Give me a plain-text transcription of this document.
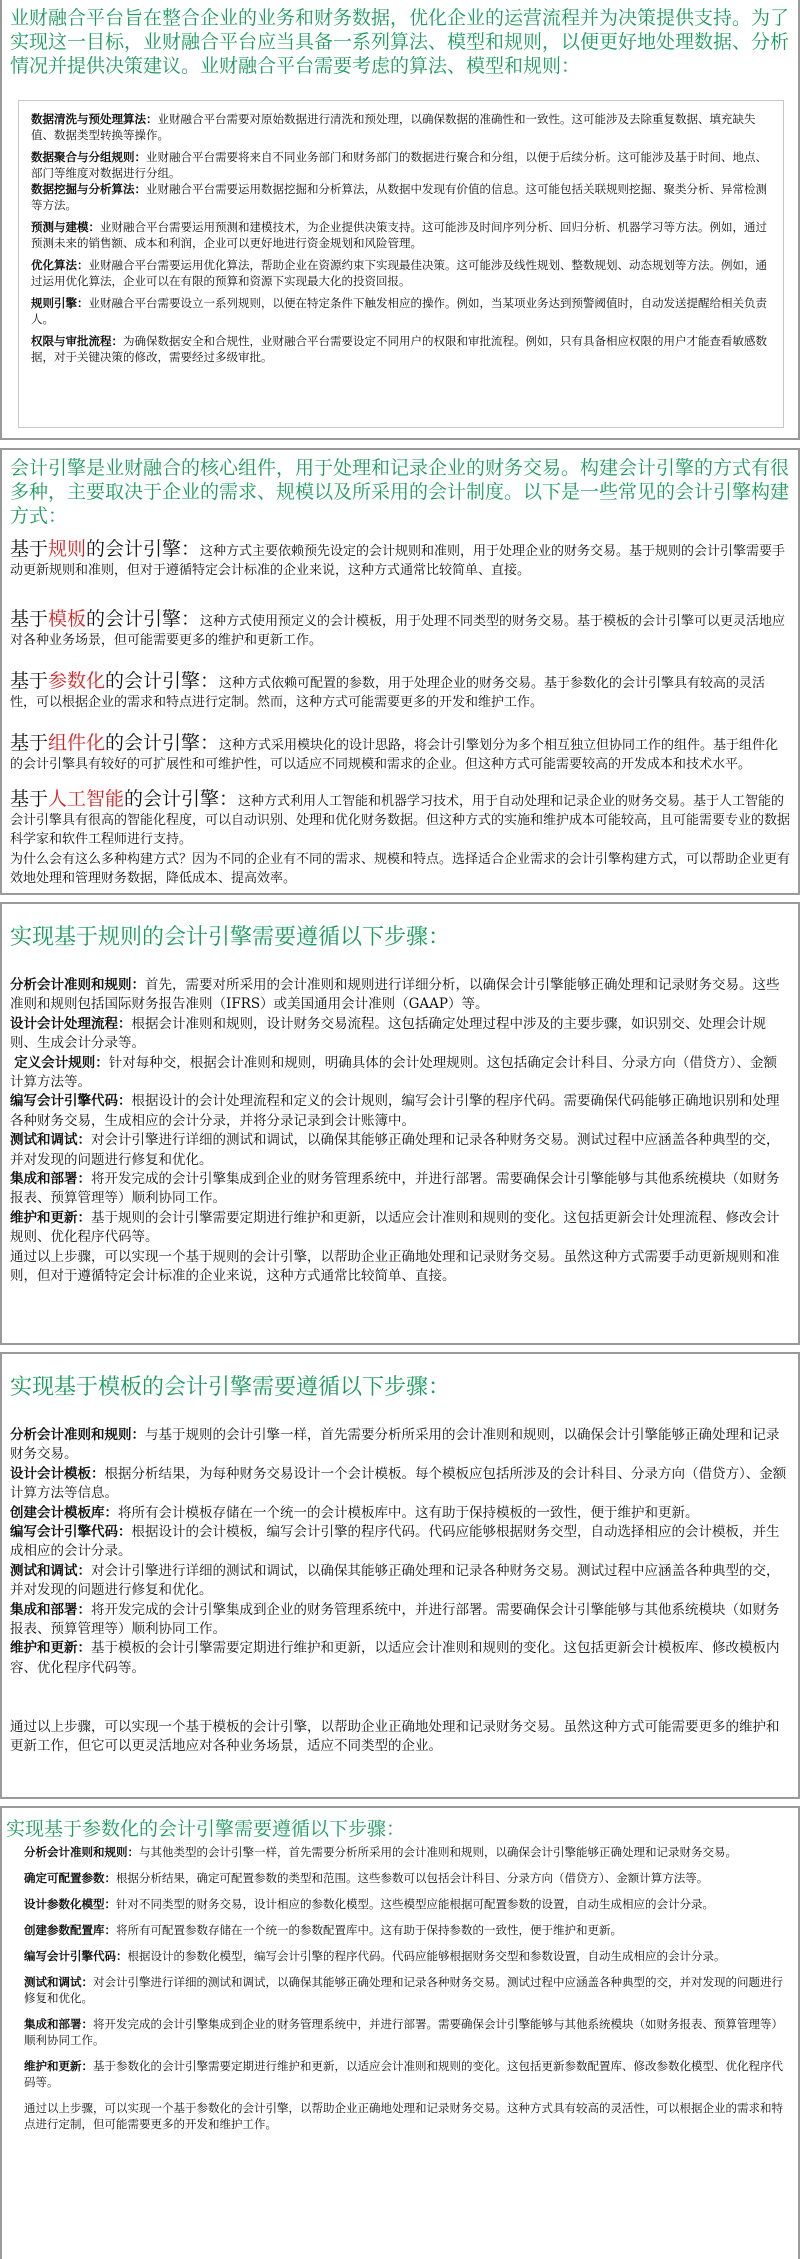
业财融合平台旨在整合企业的业务和财务数据，优化企业的运营流程并为决策提供支持。为了实现这一目标，业财融合平台应当具备一系列算法、模型和规则，以便更好地处理数据、分析情况并提供决策建议。业财融合平台需要考虑的算法、模型和规则：

数据清洗与预处理算法：业财融合平台需要对原始数据进行清洗和预处理，以确保数据的准确性和一致性。这可能涉及去除重复数据、填充缺失值、数据类型转换等操作。

数据聚合与分组规则：业财融合平台需要将来自不同业务部门和财务部门的数据进行聚合和分组，以便于后续分析。这可能涉及基于时间、地点、部门等维度对数据进行分组。

数据挖掘与分析算法：业财融合平台需要运用数据挖掘和分析算法，从数据中发现有价值的信息。这可能包括关联规则挖掘、聚类分析、异常检测等方法。

预测与建模：业财融合平台需要运用预测和建模技术，为企业提供决策支持。这可能涉及时间序列分析、回归分析、机器学习等方法。例如，通过预测未来的销售额、成本和利润，企业可以更好地进行资金规划和风险管理。

优化算法：业财融合平台需要运用优化算法，帮助企业在资源约束下实现最佳决策。这可能涉及线性规划、整数规划、动态规划等方法。例如，通过运用优化算法，企业可以在有限的预算和资源下实现最大化的投资回报。

规则引擎：业财融合平台需要设立一系列规则，以便在特定条件下触发相应的操作。例如，当某项业务达到预警阈值时，自动发送提醒给相关负责人。

权限与审批流程：为确保数据安全和合规性，业财融合平台需要设定不同用户的权限和审批流程。例如，只有具备相应权限的用户才能查看敏感数据，对于关键决策的修改，需要经过多级审批。

会计引擎是业财融合的核心组件，用于处理和记录企业的财务交易。构建会计引擎的方式有很多种，主要取决于企业的需求、规模以及所采用的会计制度。以下是一些常见的会计引擎构建方式：

基于规则的会计引擎：这种方式主要依赖预先设定的会计规则和准则，用于处理企业的财务交易。基于规则的会计引擎需要手动更新规则和准则，但对于遵循特定会计标准的企业来说，这种方式通常比较简单、直接。

基于模板的会计引擎：这种方式使用预定义的会计模板，用于处理不同类型的财务交易。基于模板的会计引擎可以更灵活地应对各种业务场景，但可能需要更多的维护和更新工作。

基于参数化的会计引擎：这种方式依赖可配置的参数，用于处理企业的财务交易。基于参数化的会计引擎具有较高的灵活性，可以根据企业的需求和特点进行定制。然而，这种方式可能需要更多的开发和维护工作。

基于组件化的会计引擎：这种方式采用模块化的设计思路，将会计引擎划分为多个相互独立但协同工作的组件。基于组件化的会计引擎具有较好的可扩展性和可维护性，可以适应不同规模和需求的企业。但这种方式可能需要较高的开发成本和技术水平。

基于人工智能的会计引擎：这种方式利用人工智能和机器学习技术，用于自动处理和记录企业的财务交易。基于人工智能的会计引擎具有很高的智能化程度，可以自动识别、处理和优化财务数据。但这种方式的实施和维护成本可能较高，且可能需要专业的数据科学家和软件工程师进行支持。

为什么会有这么多种构建方式？因为不同的企业有不同的需求、规模和特点。选择适合企业需求的会计引擎构建方式，可以帮助企业更有效地处理和管理财务数据，降低成本、提高效率。

实现基于规则的会计引擎需要遵循以下步骤：

分析会计准则和规则：首先，需要对所采用的会计准则和规则进行详细分析，以确保会计引擎能够正确处理和记录财务交易。这些准则和规则包括国际财务报告准则（IFRS）或美国通用会计准则（GAAP）等。

设计会计处理流程：根据会计准则和规则，设计财务交易流程。这包括确定处理过程中涉及的主要步骤，如识别交、处理会计规则、生成会计分录等。

定义会计规则：针对每种交，根据会计准则和规则，明确具体的会计处理规则。这包括确定会计科目、分录方向（借贷方）、金额计算方法等。

编写会计引擎代码：根据设计的会计处理流程和定义的会计规则，编写会计引擎的程序代码。需要确保代码能够正确地识别和处理各种财务交易，生成相应的会计分录，并将分录记录到会计账簿中。

测试和调试：对会计引擎进行详细的测试和调试，以确保其能够正确处理和记录各种财务交易。测试过程中应涵盖各种典型的交，并对发现的问题进行修复和优化。

集成和部署：将开发完成的会计引擎集成到企业的财务管理系统中，并进行部署。需要确保会计引擎能够与其他系统模块（如财务报表、预算管理等）顺利协同工作。

维护和更新：基于规则的会计引擎需要定期进行维护和更新，以适应会计准则和规则的变化。这包括更新会计处理流程、修改会计规则、优化程序代码等。

通过以上步骤，可以实现一个基于规则的会计引擎，以帮助企业正确地处理和记录财务交易。虽然这种方式需要手动更新规则和准则，但对于遵循特定会计标准的企业来说，这种方式通常比较简单、直接。

实现基于模板的会计引擎需要遵循以下步骤：

分析会计准则和规则：与基于规则的会计引擎一样，首先需要分析所采用的会计准则和规则，以确保会计引擎能够正确处理和记录财务交易。

设计会计模板：根据分析结果，为每种财务交易设计一个会计模板。每个模板应包括所涉及的会计科目、分录方向（借贷方）、金额计算方法等信息。

创建会计模板库：将所有会计模板存储在一个统一的会计模板库中。这有助于保持模板的一致性，便于维护和更新。

编写会计引擎代码：根据设计的会计模板，编写会计引擎的程序代码。代码应能够根据财务交型，自动选择相应的会计模板，并生成相应的会计分录。

测试和调试：对会计引擎进行详细的测试和调试，以确保其能够正确处理和记录各种财务交易。测试过程中应涵盖各种典型的交，并对发现的问题进行修复和优化。

集成和部署：将开发完成的会计引擎集成到企业的财务管理系统中，并进行部署。需要确保会计引擎能够与其他系统模块（如财务报表、预算管理等）顺利协同工作。

维护和更新：基于模板的会计引擎需要定期进行维护和更新，以适应会计准则和规则的变化。这包括更新会计模板库、修改模板内容、优化程序代码等。

通过以上步骤，可以实现一个基于模板的会计引擎，以帮助企业正确地处理和记录财务交易。虽然这种方式可能需要更多的维护和更新工作，但它可以更灵活地应对各种业务场景，适应不同类型的企业。

实现基于参数化的会计引擎需要遵循以下步骤：

分析会计准则和规则：与其他类型的会计引擎一样，首先需要分析所采用的会计准则和规则，以确保会计引擎能够正确处理和记录财务交易。

确定可配置参数：根据分析结果，确定可配置参数的类型和范围。这些参数可以包括会计科目、分录方向（借贷方）、金额计算方法等。

设计参数化模型：针对不同类型的财务交易，设计相应的参数化模型。这些模型应能根据可配置参数的设置，自动生成相应的会计分录。

创建参数配置库：将所有可配置参数存储在一个统一的参数配置库中。这有助于保持参数的一致性，便于维护和更新。

编写会计引擎代码：根据设计的参数化模型，编写会计引擎的程序代码。代码应能够根据财务交型和参数设置，自动生成相应的会计分录。

测试和调试：对会计引擎进行详细的测试和调试，以确保其能够正确处理和记录各种财务交易。测试过程中应涵盖各种典型的交，并对发现的问题进行修复和优化。

集成和部署：将开发完成的会计引擎集成到企业的财务管理系统中，并进行部署。需要确保会计引擎能够与其他系统模块（如财务报表、预算管理等）顺利协同工作。

维护和更新：基于参数化的会计引擎需要定期进行维护和更新，以适应会计准则和规则的变化。这包括更新参数配置库、修改参数化模型、优化程序代码等。

通过以上步骤，可以实现一个基于参数化的会计引擎，以帮助企业正确地处理和记录财务交易。这种方式具有较高的灵活性，可以根据企业的需求和特点进行定制，但可能需要更多的开发和维护工作。
